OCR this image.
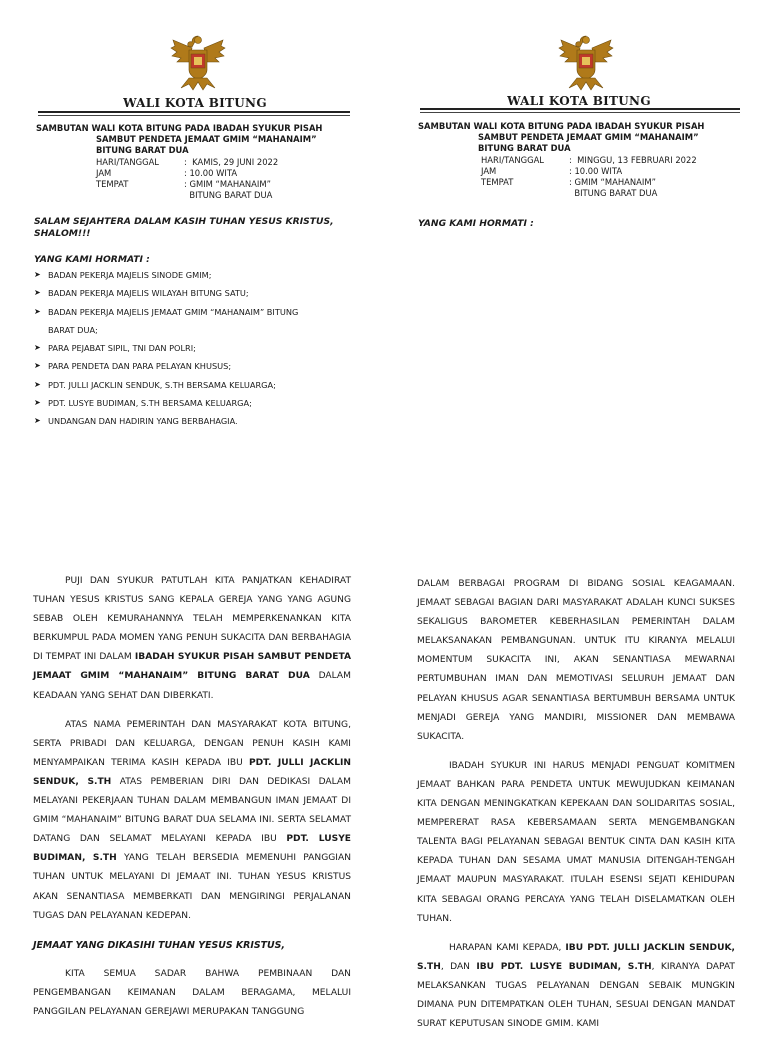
WALI KOTA BITUNG
SAMBUTAN WALI KOTA BITUNG PADA IBADAH SYUKUR PISAH
SAMBUT PENDETA JEMAAT GMIM “MAHANAIM”
BITUNG BARAT DUA
HARI/TANGGAL	:  KAMIS, 29 JUNI 2022
JAM	: 10.00 WITA
TEMPAT	: GMIM “MAHANAIM”
BITUNG BARAT DUA
SALAM SEJAHTERA DALAM KASIH TUHAN YESUS KRISTUS, SHALOM!!!
YANG KAMI HORMATI :
➤ BADAN PEKERJA MAJELIS SINODE GMIM;
➤ BADAN PEKERJA MAJELIS WILAYAH BITUNG SATU;
➤ BADAN PEKERJA MAJELIS JEMAAT GMIM “MAHANAIM” BITUNG
BARAT DUA;
➤ PARA PEJABAT SIPIL, TNI DAN POLRI;
➤ PARA PENDETA DAN PARA PELAYAN KHUSUS;
➤ PDT. JULLI JACKLIN SENDUK, S.TH BERSAMA KELUARGA;
➤ PDT. LUSYE BUDIMAN, S.TH BERSAMA KELUARGA;
➤ UNDANGAN DAN HADIRIN YANG BERBAHAGIA.

PUJI DAN SYUKUR PATUTLAH KITA PANJATKAN KEHADIRAT TUHAN YESUS KRISTUS SANG KEPALA GEREJA YANG YANG AGUNG SEBAB OLEH KEMURAHANNYA TELAH MEMPERKENANKAN KITA BERKUMPUL PADA MOMEN YANG PENUH SUKACITA DAN BERBAHAGIA DI TEMPAT INI DALAM IBADAH SYUKUR PISAH SAMBUT PENDETA JEMAAT GMIM “MAHANAIM” BITUNG BARAT DUA DALAM KEADAAN YANG SEHAT DAN DIBERKATI.

ATAS NAMA PEMERINTAH DAN MASYARAKAT KOTA BITUNG, SERTA PRIBADI DAN KELUARGA, DENGAN PENUH KASIH KAMI MENYAMPAIKAN TERIMA KASIH KEPADA IBU PDT. JULLI JACKLIN SENDUK, S.TH ATAS PEMBERIAN DIRI DAN DEDIKASI DALAM MELAYANI PEKERJAAN TUHAN DALAM MEMBANGUN IMAN JEMAAT DI GMIM “MAHANAIM” BITUNG BARAT DUA SELAMA INI. SERTA SELAMAT DATANG DAN SELAMAT MELAYANI KEPADA IBU PDT. LUSYE BUDIMAN, S.TH YANG TELAH BERSEDIA MEMENUHI PANGGIAN TUHAN UNTUK MELAYANI DI JEMAAT INI. TUHAN YESUS KRISTUS AKAN SENANTIASA MEMBERKATI DAN MENGIRINGI PERJALANAN TUGAS DAN PELAYANAN KEDEPAN.

JEMAAT YANG DIKASIHI TUHAN YESUS KRISTUS,

KITA SEMUA SADAR BAHWA PEMBINAAN DAN PENGEMBANGAN KEIMANAN DALAM BERAGAMA, MELALUI PANGGILAN PELAYANAN GEREJAWI MERUPAKAN TANGGUNG

WALI KOTA BITUNG
SAMBUTAN WALI KOTA BITUNG PADA IBADAH SYUKUR PISAH
SAMBUT PENDETA JEMAAT GMIM “MAHANAIM”
BITUNG BARAT DUA
HARI/TANGGAL	:  MINGGU, 13 FEBRUARI 2022
JAM	: 10.00 WITA
TEMPAT	: GMIM “MAHANAIM”
BITUNG BARAT DUA
YANG KAMI HORMATI :

DALAM BERBAGAI PROGRAM DI BIDANG SOSIAL KEAGAMAAN. JEMAAT SEBAGAI BAGIAN DARI MASYARAKAT ADALAH KUNCI SUKSES SEKALIGUS BAROMETER KEBERHASILAN PEMERINTAH DALAM MELAKSANAKAN PEMBANGUNAN. UNTUK ITU KIRANYA MELALUI MOMENTUM SUKACITA INI, AKAN SENANTIASA MEWARNAI PERTUMBUHAN IMAN DAN MEMOTIVASI SELURUH JEMAAT DAN PELAYAN KHUSUS AGAR SENANTIASA BERTUMBUH BERSAMA UNTUK MENJADI GEREJA YANG MANDIRI, MISSIONER DAN MEMBAWA SUKACITA.

IBADAH SYUKUR INI HARUS MENJADI PENGUAT KOMITMEN JEMAAT BAHKAN PARA PENDETA UNTUK MEWUJUDKAN KEIMANAN KITA DENGAN MENINGKATKAN KEPEKAAN DAN SOLIDARITAS SOSIAL, MEMPERERAT RASA KEBERSAMAAN SERTA MENGEMBANGKAN TALENTA BAGI PELAYANAN SEBAGAI BENTUK CINTA DAN KASIH KITA KEPADA TUHAN DAN SESAMA UMAT MANUSIA DITENGAH-TENGAH JEMAAT MAUPUN MASYARAKAT. ITULAH ESENSI SEJATI KEHIDUPAN KITA SEBAGAI ORANG PERCAYA YANG TELAH DISELAMATKAN OLEH TUHAN.

HARAPAN KAMI KEPADA, IBU PDT. JULLI JACKLIN SENDUK, S.TH, DAN IBU PDT. LUSYE BUDIMAN, S.TH, KIRANYA DAPAT MELAKSANKAN TUGAS PELAYANAN DENGAN SEBAIK MUNGKIN DIMANA PUN DITEMPATKAN OLEH TUHAN, SESUAI DENGAN MANDAT SURAT KEPUTUSAN SINODE GMIM. KAMI
